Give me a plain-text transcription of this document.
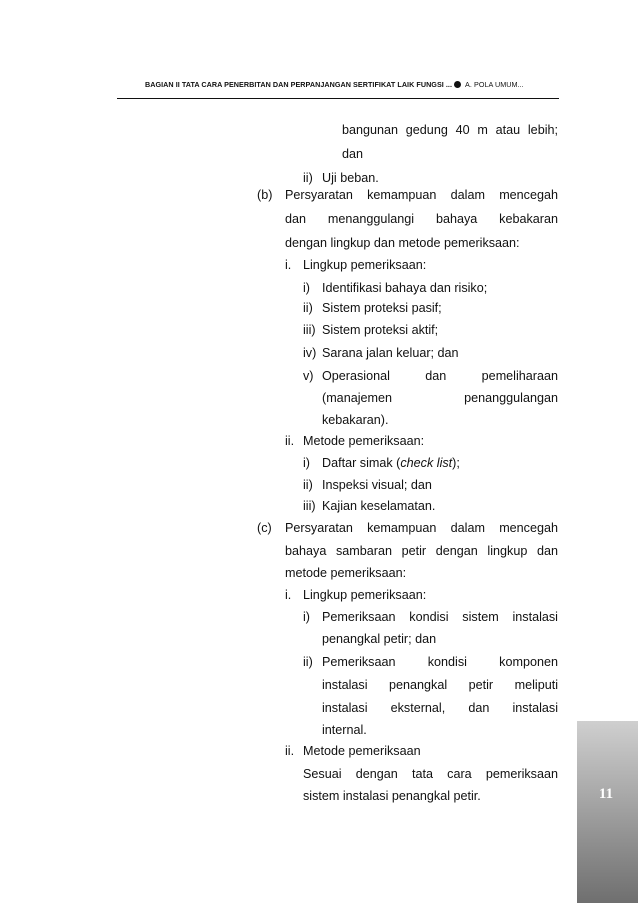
BAGIAN II TATA CARA PENERBITAN DAN PERPANJANGAN SERTIFIKAT LAIK FUNGSI ... A. POLA UMUM...
bangunan gedung 40 m atau lebih;
dan
ii) Uji beban.
(b) Persyaratan kemampuan dalam mencegah
dan menanggulangi bahaya kebakaran
dengan lingkup dan metode pemeriksaan:
i. Lingkup pemeriksaan:
i) Identifikasi bahaya dan risiko;
ii) Sistem proteksi pasif;
iii) Sistem proteksi aktif;
iv) Sarana jalan keluar; dan
v) Operasional dan pemeliharaan
(manajemen penanggulangan
kebakaran).
ii. Metode pemeriksaan:
i) Daftar simak (check list);
ii) Inspeksi visual; dan
iii) Kajian keselamatan.
(c) Persyaratan kemampuan dalam mencegah
bahaya sambaran petir dengan lingkup dan
metode pemeriksaan:
i. Lingkup pemeriksaan:
i) Pemeriksaan kondisi sistem instalasi
penangkal petir; dan
ii) Pemeriksaan kondisi komponen
instalasi penangkal petir meliputi
instalasi eksternal, dan instalasi
internal.
ii. Metode pemeriksaan
Sesuai dengan tata cara pemeriksaan
sistem instalasi penangkal petir.	11
